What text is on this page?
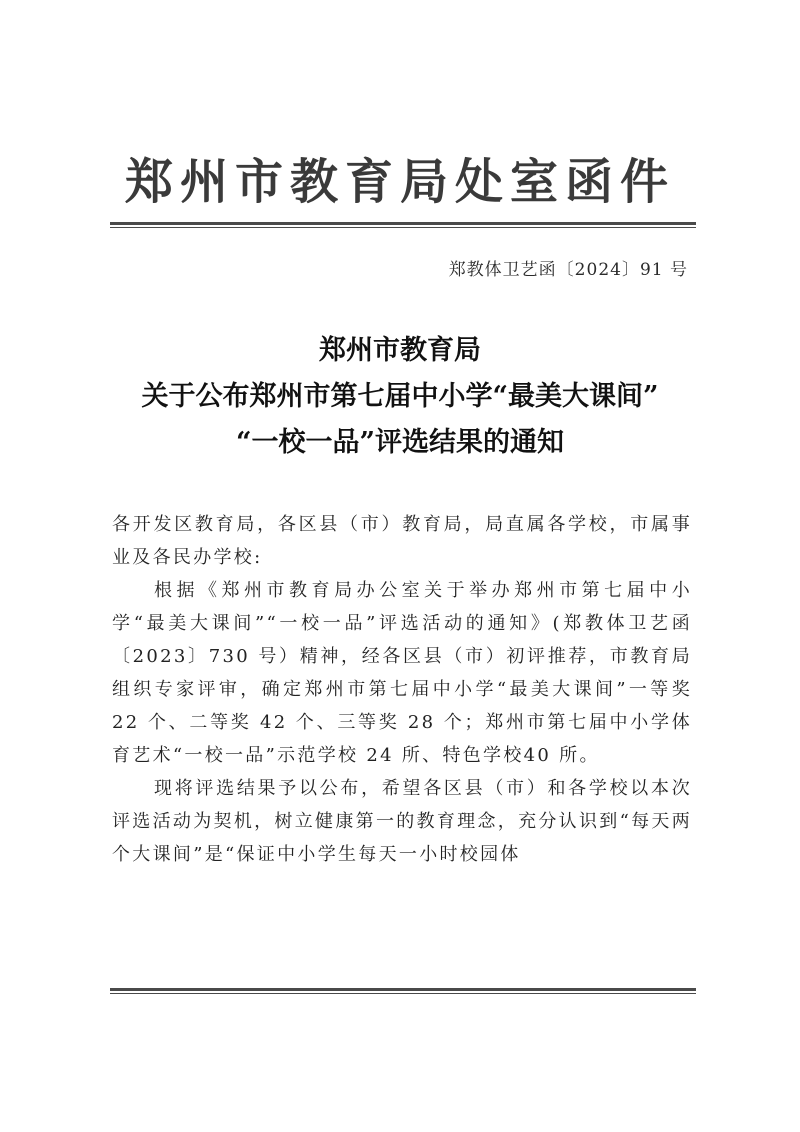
郑州市教育局处室函件
郑教体卫艺函〔2024〕91 号
郑州市教育局
关于公布郑州市第七届中小学“最美大课间”
“一校一品”评选结果的通知

各开发区教育局，各区县（市）教育局，局直属各学校，市属事业及各民办学校:

根据《郑州市教育局办公室关于举办郑州市第七届中小学“最美大课间”“一校一品”评选活动的通知》(郑教体卫艺函〔2023〕730 号）精神，经各区县（市）初评推荐，市教育局组织专家评审，确定郑州市第七届中小学“最美大课间”一等奖 22 个、二等奖 42 个、三等奖 28 个；郑州市第七届中小学体育艺术“一校一品”示范学校 24 所、特色学校40 所。

现将评选结果予以公布，希望各区县（市）和各学校以本次评选活动为契机，树立健康第一的教育理念，充分认识到“每天两个大课间”是“保证中小学生每天一小时校园体
